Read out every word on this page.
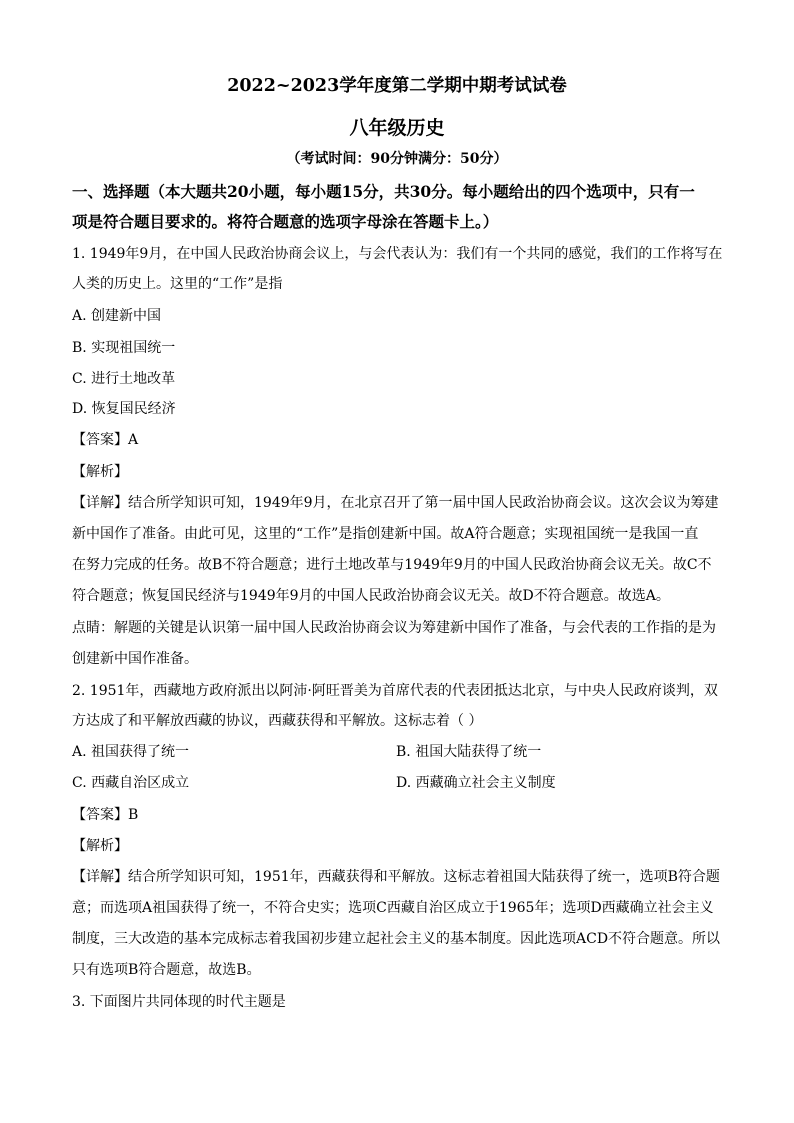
2022~2023学年度第二学期中期考试试卷
八年级历史
（考试时间：90分钟满分：50分）
一、选择题（本大题共20小题，每小题15分，共30分。每小题给出的四个选项中，只有一
项是符合题目要求的。将符合题意的选项字母涂在答题卡上。）
1. 1949年9月，在中国人民政治协商会议上，与会代表认为：我们有一个共同的感觉，我们的工作将写在
人类的历史上。这里的“工作”是指
A. 创建新中国
B. 实现祖国统一
C. 进行土地改革
D. 恢复国民经济
【答案】A
【解析】
【详解】结合所学知识可知，1949年9月，在北京召开了第一届中国人民政治协商会议。这次会议为筹建
新中国作了准备。由此可见，这里的“工作”是指创建新中国。故A符合题意；实现祖国统一是我国一直
在努力完成的任务。故B不符合题意；进行土地改革与1949年9月的中国人民政治协商会议无关。故C不
符合题意；恢复国民经济与1949年9月的中国人民政治协商会议无关。故D不符合题意。故选A。
点睛：解题的关键是认识第一届中国人民政治协商会议为筹建新中国作了准备，与会代表的工作指的是为
创建新中国作准备。
2. 1951年，西藏地方政府派出以阿沛·阿旺晋美为首席代表的代表团抵达北京，与中央人民政府谈判，双
方达成了和平解放西藏的协议，西藏获得和平解放。这标志着（ ）
A. 祖国获得了统一	B. 祖国大陆获得了统一
C. 西藏自治区成立	D. 西藏确立社会主义制度
【答案】B
【解析】
【详解】结合所学知识可知，1951年，西藏获得和平解放。这标志着祖国大陆获得了统一，选项B符合题
意；而选项A祖国获得了统一，不符合史实；选项C西藏自治区成立于1965年；选项D西藏确立社会主义
制度，三大改造的基本完成标志着我国初步建立起社会主义的基本制度。因此选项ACD不符合题意。所以
只有选项B符合题意，故选B。
3. 下面图片共同体现的时代主题是
